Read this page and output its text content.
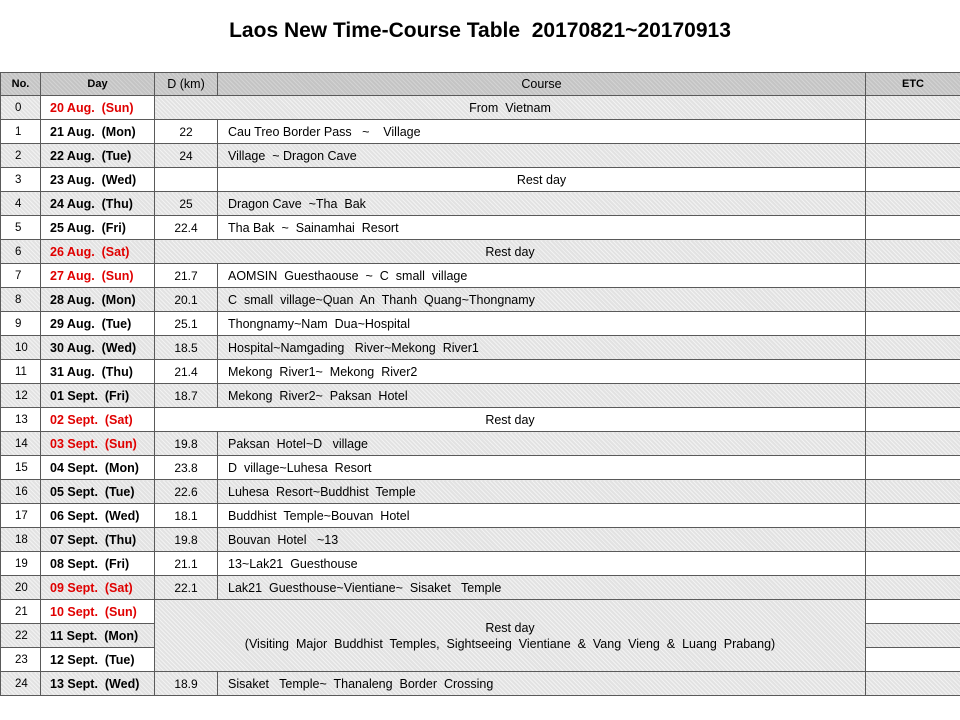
Laos New Time-Course Table  20170821~20170913
No.	Day	D (km)	Course	ETC
0	20 Aug.  (Sun)	From  Vietnam		
1	21 Aug.  (Mon)	22	Cau Treo Border Pass   ~    Village	
2	22 Aug.  (Tue)	24	Village  ~ Dragon Cave	
3	23 Aug.  (Wed)		Rest day	
4	24 Aug.  (Thu)	25	Dragon Cave  ~Tha  Bak	
5	25 Aug.  (Fri)	22.4	Tha Bak  ~  Sainamhai  Resort	
6	26 Aug.  (Sat)	Rest day		
7	27 Aug.  (Sun)	21.7	AOMSIN  Guesthaouse  ~  C  small  village	
8	28 Aug.  (Mon)	20.1	C  small  village~Quan  An  Thanh  Quang~Thongnamy	
9	29 Aug.  (Tue)	25.1	Thongnamy~Nam  Dua~Hospital	
10	30 Aug.  (Wed)	18.5	Hospital~Namgading   River~Mekong  River1	
11	31 Aug.  (Thu)	21.4	Mekong  River1~  Mekong  River2	
12	01 Sept.  (Fri)	18.7	Mekong  River2~  Paksan  Hotel	
13	02 Sept.  (Sat)	Rest day		
14	03 Sept.  (Sun)	19.8	Paksan  Hotel~D   village	
15	04 Sept.  (Mon)	23.8	D  village~Luhesa  Resort	
16	05 Sept.  (Tue)	22.6	Luhesa  Resort~Buddhist  Temple	
17	06 Sept.  (Wed)	18.1	Buddhist  Temple~Bouvan  Hotel	
18	07 Sept.  (Thu)	19.8	Bouvan  Hotel   ~13	
19	08 Sept.  (Fri)	21.1	13~Lak21  Guesthouse	
20	09 Sept.  (Sat)	22.1	Lak21  Guesthouse~Vientiane~  Sisaket   Temple	
21	10 Sept.  (Sun)	Rest day
(Visiting  Major  Buddhist  Temples,  Sightseeing  Vientiane  &  Vang  Vieng  &  Luang  Prabang)		

22	11 Sept.  (Mon)			
23	12 Sept.  (Tue)			
24	13 Sept.  (Wed)	18.9	Sisaket   Temple~  Thanaleng  Border  Crossing	
